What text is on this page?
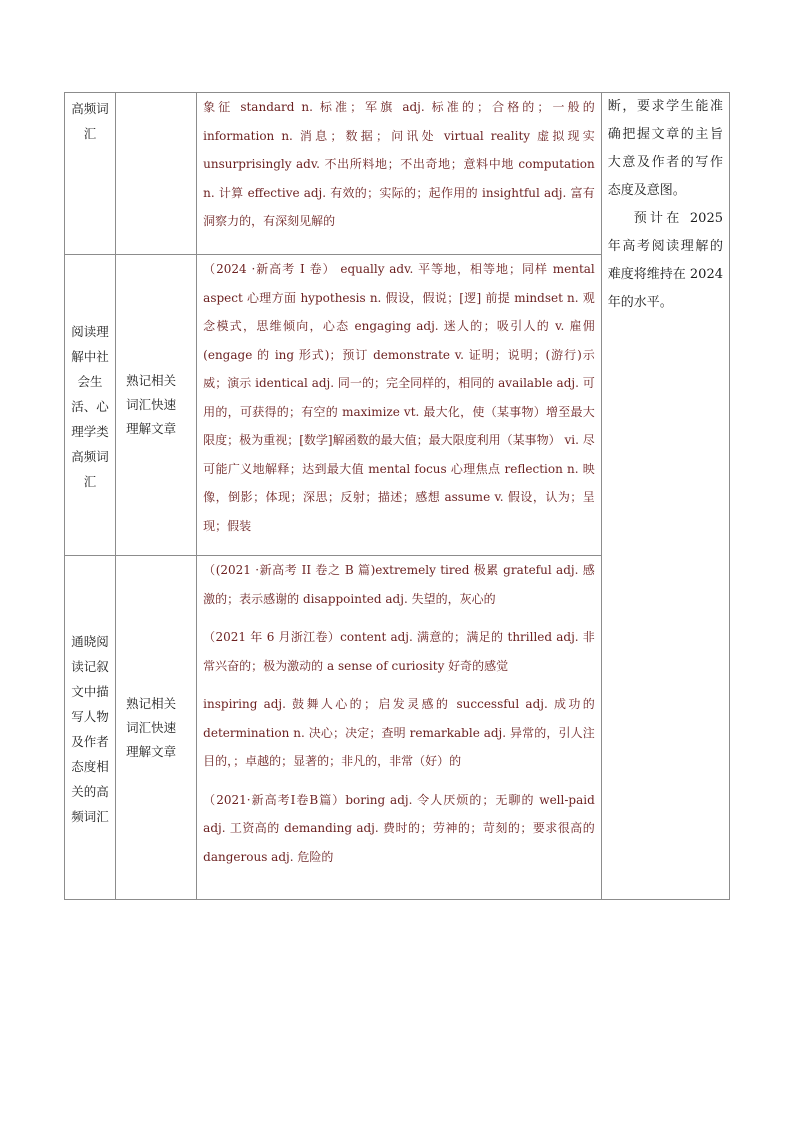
高频词汇		象征 standard n. 标准；军旗 adj. 标准的；合格的；一般的 information n. 消息；数据；问讯处 virtual reality 虚拟现实 unsurprisingly adv. 不出所料地；不出奇地；意料中地 computation n. 计算 effective adj. 有效的；实际的；起作用的 insightful adj. 富有洞察力的，有深刻见解的	断，要求学生能准确把握文章的主旨大意及作者的写作态度及意图。

预计在 2025 年高考阅读理解的难度将维持在 2024 年的水平。

阅读理解中社会生活、心理学类高频词汇	熟记相关词汇快速理解文章	（2024 ·新高考 I 卷） equally adv. 平等地，相等地；同样 mental aspect 心理方面 hypothesis n. 假设，假说；[逻] 前提 mindset n. 观念模式，思维倾向，心态 engaging adj. 迷人的；吸引人的 v. 雇佣(engage 的 ing 形式)；预订 demonstrate v. 证明；说明；(游行)示威；演示 identical adj. 同一的；完全同样的，相同的 available adj. 可用的，可获得的；有空的 maximize vt. 最大化，使（某事物）增至最大限度；极为重视；[数学]解函数的最大值；最大限度利用（某事物） vi. 尽可能广义地解释；达到最大值 mental focus 心理焦点 reflection n. 映像，倒影；体现；深思；反射；描述；感想 assume v. 假设，认为；呈现；假装	

通晓阅读记叙文中描写人物及作者态度相关的高频词汇	熟记相关词汇快速理解文章	（(2021 ·新高考 II 卷之 B 篇)extremely tired 极累 grateful adj. 感激的；表示感谢的 disappointed adj. 失望的，灰心的

（2021 年 6 月浙江卷）content adj. 满意的；满足的 thrilled adj. 非常兴奋的；极为激动的 a sense of curiosity 好奇的感觉

inspiring adj. 鼓舞人心的；启发灵感的 successful adj. 成功的 determination n. 决心；决定；查明 remarkable adj. 异常的，引人注目的，；卓越的；显著的；非凡的，非常（好）的

（2021·新高考I卷B篇）boring adj. 令人厌烦的；无聊的 well-paid adj. 工资高的 demanding adj. 费时的；劳神的；苛刻的；要求很高的 dangerous adj. 危险的	
